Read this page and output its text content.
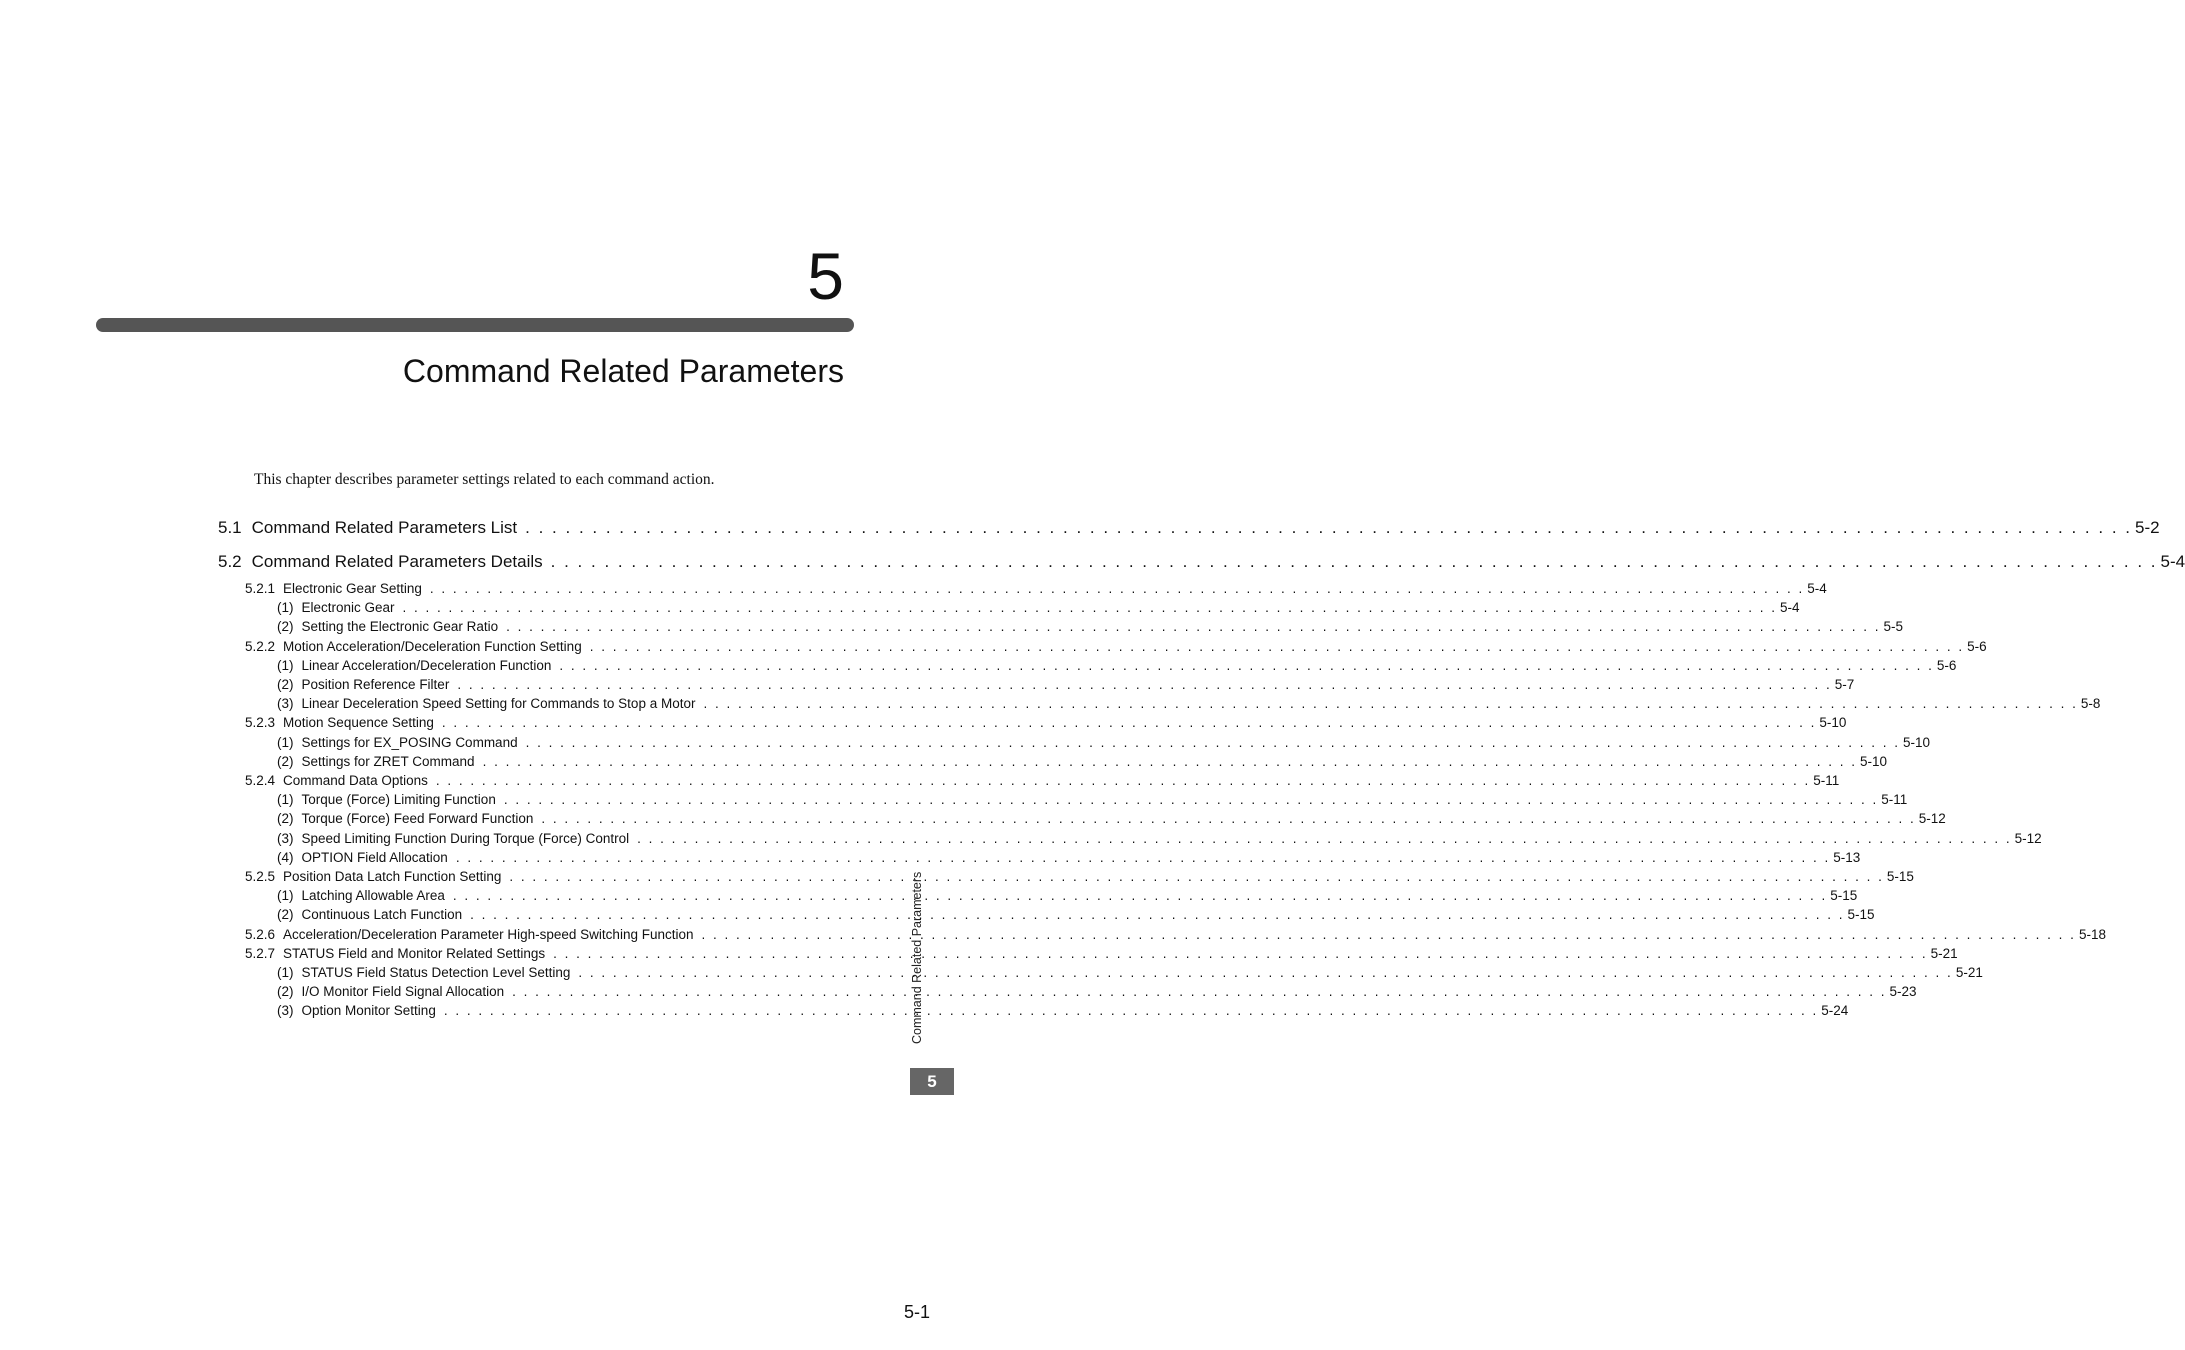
5
Command Related Parameters
This chapter describes parameter settings related to each command action.
5.1 Command Related Parameters List . . . . . . . . . . . . . . . . . . . . . . . . . . . . . . . . . . . . . . . . . . . . . . . . . . . . . . . . . . . . . . . . . . . . . . . . . . . . . . . . . . . . . . . . . . . . . . . . . . . . . . . . . . . . . . . . . . . . . . . . 5-2
5.2 Command Related Parameters Details . . . . . . . . . . . . . . . . . . . . . . . . . . . . . . . . . . . . . . . . . . . . . . . . . . . . . . . . . . . . . . . . . . . . . . . . . . . . . . . . . . . . . . . . . . . . . . . . . . . . . . . . . . . . . . . . . . . . . . . . 5-4
5.2.1 Electronic Gear Setting . . . . . . . . . . . . . . . . . . . . . . . . . . . . . . . . . . . . . . . . . . . . . . . . . . . . . . . . . . . . . . . . . . . . . . . . . . . . . . . . . . . . . . . . . . . . . . . . . . . . . . . . . . . . . . . . . . . . . . . . 5-4
(1) Electronic Gear . . . . . . . . . . . . . . . . . . . . . . . . . . . . . . . . . . . . . . . . . . . . . . . . . . . . . . . . . . . . . . . . . . . . . . . . . . . . . . . . . . . . . . . . . . . . . . . . . . . . . . . . . . . . . . . . . . . . . . . . 5-4
(2) Setting the Electronic Gear Ratio . . . . . . . . . . . . . . . . . . . . . . . . . . . . . . . . . . . . . . . . . . . . . . . . . . . . . . . . . . . . . . . . . . . . . . . . . . . . . . . . . . . . . . . . . . . . . . . . . . . . . . . . . . . . . . . . . . . . . . . . 5-5
5.2.2 Motion Acceleration/Deceleration Function Setting . . . . . . . . . . . . . . . . . . . . . . . . . . . . . . . . . . . . . . . . . . . . . . . . . . . . . . . . . . . . . . . . . . . . . . . . . . . . . . . . . . . . . . . . . . . . . . . . . . . . . . . . . . . . . . . . . . . . . . . . 5-6
(1) Linear Acceleration/Deceleration Function . . . . . . . . . . . . . . . . . . . . . . . . . . . . . . . . . . . . . . . . . . . . . . . . . . . . . . . . . . . . . . . . . . . . . . . . . . . . . . . . . . . . . . . . . . . . . . . . . . . . . . . . . . . . . . . . . . . . . . . . 5-6
(2) Position Reference Filter . . . . . . . . . . . . . . . . . . . . . . . . . . . . . . . . . . . . . . . . . . . . . . . . . . . . . . . . . . . . . . . . . . . . . . . . . . . . . . . . . . . . . . . . . . . . . . . . . . . . . . . . . . . . . . . . . . . . . . . . 5-7
(3) Linear Deceleration Speed Setting for Commands to Stop a Motor . . . . . . . . . . . . . . . . . . . . . . . . . . . . . . . . . . . . . . . . . . . . . . . . . . . . . . . . . . . . . . . . . . . . . . . . . . . . . . . . . . . . . . . . . . . . . . . . . . . . . . . . . . . . . . . . . . . . . . . . 5-8
5.2.3 Motion Sequence Setting . . . . . . . . . . . . . . . . . . . . . . . . . . . . . . . . . . . . . . . . . . . . . . . . . . . . . . . . . . . . . . . . . . . . . . . . . . . . . . . . . . . . . . . . . . . . . . . . . . . . . . . . . . . . . . . . . . . . . . . . 5-10
(1) Settings for EX_POSING Command . . . . . . . . . . . . . . . . . . . . . . . . . . . . . . . . . . . . . . . . . . . . . . . . . . . . . . . . . . . . . . . . . . . . . . . . . . . . . . . . . . . . . . . . . . . . . . . . . . . . . . . . . . . . . . . . . . . . . . . . 5-10
(2) Settings for ZRET Command . . . . . . . . . . . . . . . . . . . . . . . . . . . . . . . . . . . . . . . . . . . . . . . . . . . . . . . . . . . . . . . . . . . . . . . . . . . . . . . . . . . . . . . . . . . . . . . . . . . . . . . . . . . . . . . . . . . . . . . . 5-10
5.2.4 Command Data Options . . . . . . . . . . . . . . . . . . . . . . . . . . . . . . . . . . . . . . . . . . . . . . . . . . . . . . . . . . . . . . . . . . . . . . . . . . . . . . . . . . . . . . . . . . . . . . . . . . . . . . . . . . . . . . . . . . . . . . . . 5-11
(1) Torque (Force) Limiting Function . . . . . . . . . . . . . . . . . . . . . . . . . . . . . . . . . . . . . . . . . . . . . . . . . . . . . . . . . . . . . . . . . . . . . . . . . . . . . . . . . . . . . . . . . . . . . . . . . . . . . . . . . . . . . . . . . . . . . . . . 5-11
(2) Torque (Force) Feed Forward Function . . . . . . . . . . . . . . . . . . . . . . . . . . . . . . . . . . . . . . . . . . . . . . . . . . . . . . . . . . . . . . . . . . . . . . . . . . . . . . . . . . . . . . . . . . . . . . . . . . . . . . . . . . . . . . . . . . . . . . . . 5-12
(3) Speed Limiting Function During Torque (Force) Control . . . . . . . . . . . . . . . . . . . . . . . . . . . . . . . . . . . . . . . . . . . . . . . . . . . . . . . . . . . . . . . . . . . . . . . . . . . . . . . . . . . . . . . . . . . . . . . . . . . . . . . . . . . . . . . . . . . . . . . . 5-12
(4) OPTION Field Allocation . . . . . . . . . . . . . . . . . . . . . . . . . . . . . . . . . . . . . . . . . . . . . . . . . . . . . . . . . . . . . . . . . . . . . . . . . . . . . . . . . . . . . . . . . . . . . . . . . . . . . . . . . . . . . . . . . . . . . . . . 5-13
5.2.5 Position Data Latch Function Setting . . . . . . . . . . . . . . . . . . . . . . . . . . . . . . . . . . . . . . . . . . . . . . . . . . . . . . . . . . . . . . . . . . . . . . . . . . . . . . . . . . . . . . . . . . . . . . . . . . . . . . . . . . . . . . . . . . . . . . . . 5-15
(1) Latching Allowable Area . . . . . . . . . . . . . . . . . . . . . . . . . . . . . . . . . . . . . . . . . . . . . . . . . . . . . . . . . . . . . . . . . . . . . . . . . . . . . . . . . . . . . . . . . . . . . . . . . . . . . . . . . . . . . . . . . . . . . . . . 5-15
(2) Continuous Latch Function . . . . . . . . . . . . . . . . . . . . . . . . . . . . . . . . . . . . . . . . . . . . . . . . . . . . . . . . . . . . . . . . . . . . . . . . . . . . . . . . . . . . . . . . . . . . . . . . . . . . . . . . . . . . . . . . . . . . . . . . 5-15
5.2.6 Acceleration/Deceleration Parameter High-speed Switching Function . . . . . . . . . . . . . . . . . . . . . . . . . . . . . . . . . . . . . . . . . . . . . . . . . . . . . . . . . . . . . . . . . . . . . . . . . . . . . . . . . . . . . . . . . . . . . . . . . . . . . . . . . . . . . . . . . . . . . . . . 5-18
5.2.7 STATUS Field and Monitor Related Settings . . . . . . . . . . . . . . . . . . . . . . . . . . . . . . . . . . . . . . . . . . . . . . . . . . . . . . . . . . . . . . . . . . . . . . . . . . . . . . . . . . . . . . . . . . . . . . . . . . . . . . . . . . . . . . . . . . . . . . . . 5-21
(1) STATUS Field Status Detection Level Setting . . . . . . . . . . . . . . . . . . . . . . . . . . . . . . . . . . . . . . . . . . . . . . . . . . . . . . . . . . . . . . . . . . . . . . . . . . . . . . . . . . . . . . . . . . . . . . . . . . . . . . . . . . . . . . . . . . . . . . . . 5-21
(2) I/O Monitor Field Signal Allocation . . . . . . . . . . . . . . . . . . . . . . . . . . . . . . . . . . . . . . . . . . . . . . . . . . . . . . . . . . . . . . . . . . . . . . . . . . . . . . . . . . . . . . . . . . . . . . . . . . . . . . . . . . . . . . . . . . . . . . . . 5-23
(3) Option Monitor Setting . . . . . . . . . . . . . . . . . . . . . . . . . . . . . . . . . . . . . . . . . . . . . . . . . . . . . . . . . . . . . . . . . . . . . . . . . . . . . . . . . . . . . . . . . . . . . . . . . . . . . . . . . . . . . . . . . . . . . . . . 5-24
Command Related Parameters
5
5-1
